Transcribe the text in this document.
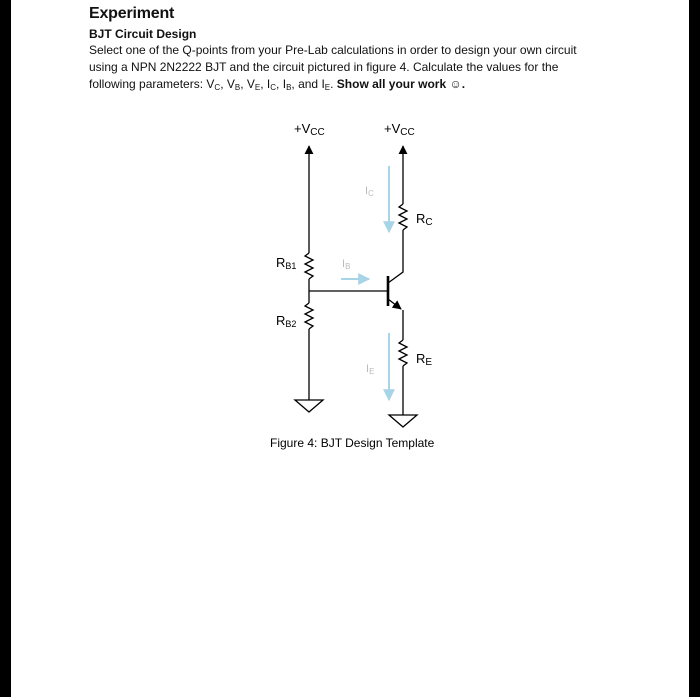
Experiment
BJT Circuit Design
Select one of the Q-points from your Pre-Lab calculations in order to design your own circuit
using a NPN 2N2222 BJT and the circuit pictured in figure 4. Calculate the values for the
following parameters: $V_C$, $V_B$, $V_E$, $I_C$, $I_B$, and $I_E$. Show all your work ☺.
+VCC	+VCC
IC
IB
IE
RB1
RB2
RC
RE
Figure 4: BJT Design Template
